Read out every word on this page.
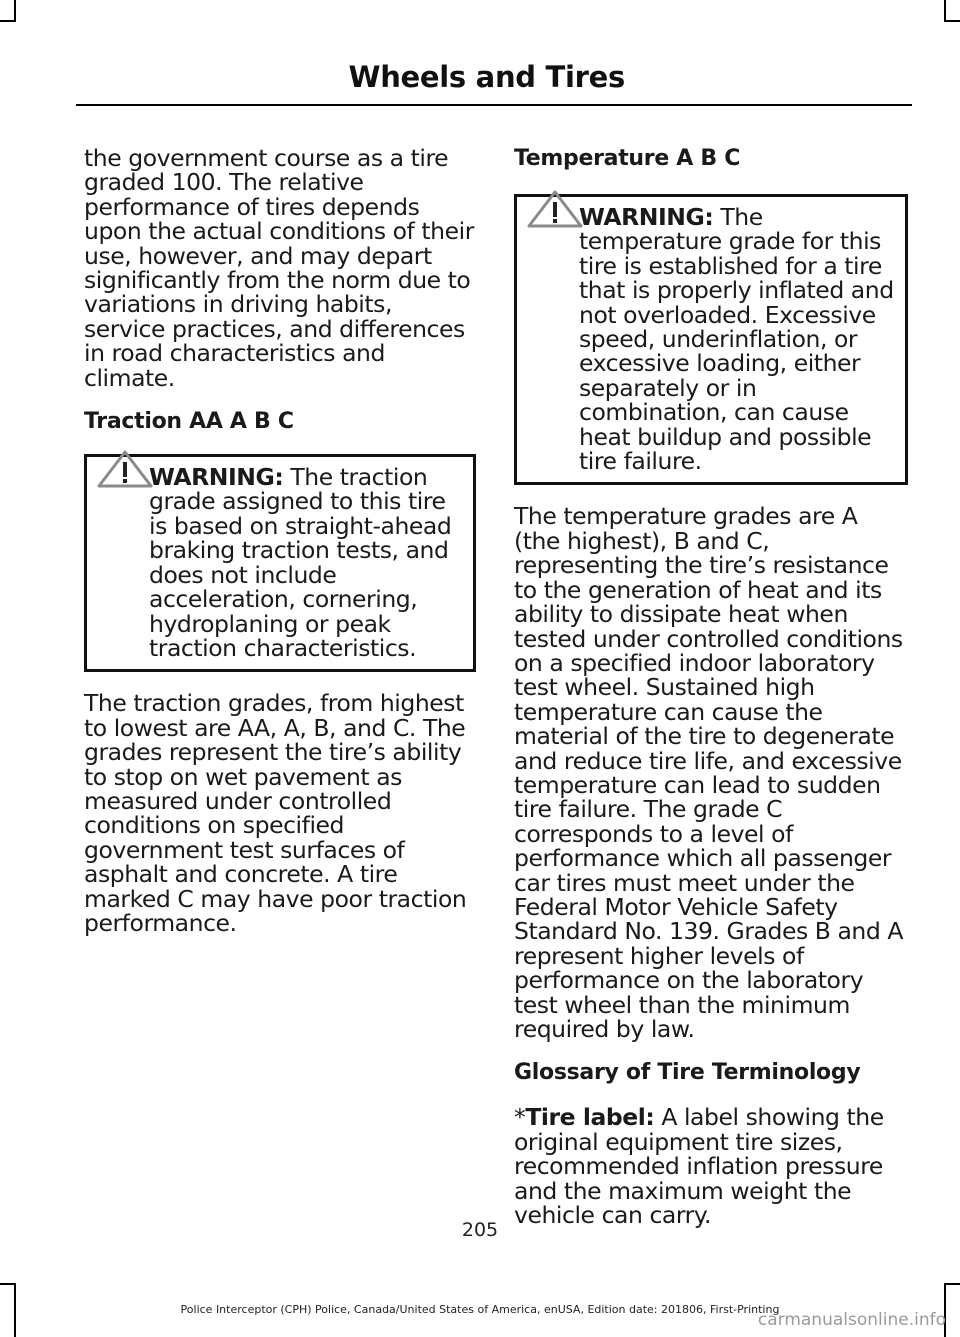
Wheels and Tires

the government course as a tire graded 100. The relative performance of tires depends upon the actual conditions of their use, however, and may depart significantly from the norm due to variations in driving habits, service practices, and differences in road characteristics and climate.

Traction AA A B C
WARNING: The traction grade assigned to this tire is based on straight-ahead braking traction tests, and does not include acceleration, cornering, hydroplaning or peak traction characteristics.

The traction grades, from highest to lowest are AA, A, B, and C. The grades represent the tire’s ability to stop on wet pavement as measured under controlled conditions on specified government test surfaces of asphalt and concrete. A tire marked C may have poor traction performance.

Temperature A B C
WARNING: The temperature grade for this tire is established for a tire that is properly inflated and not overloaded. Excessive speed, underinflation, or excessive loading, either separately or in combination, can cause heat buildup and possible tire failure.

The temperature grades are A (the highest), B and C, representing the tire’s resistance to the generation of heat and its ability to dissipate heat when tested under controlled conditions on a specified indoor laboratory test wheel. Sustained high temperature can cause the material of the tire to degenerate and reduce tire life, and excessive temperature can lead to sudden tire failure. The grade C corresponds to a level of performance which all passenger car tires must meet under the Federal Motor Vehicle Safety Standard No. 139. Grades B and A represent higher levels of performance on the laboratory test wheel than the minimum required by law.

Glossary of Tire Terminology

*Tire label: A label showing the original equipment tire sizes, recommended inflation pressure and the maximum weight the vehicle can carry.

205
Police Interceptor (CPH) Police, Canada/United States of America, enUSA, Edition date: 201806, First-Printing
carmanualsonline.info
